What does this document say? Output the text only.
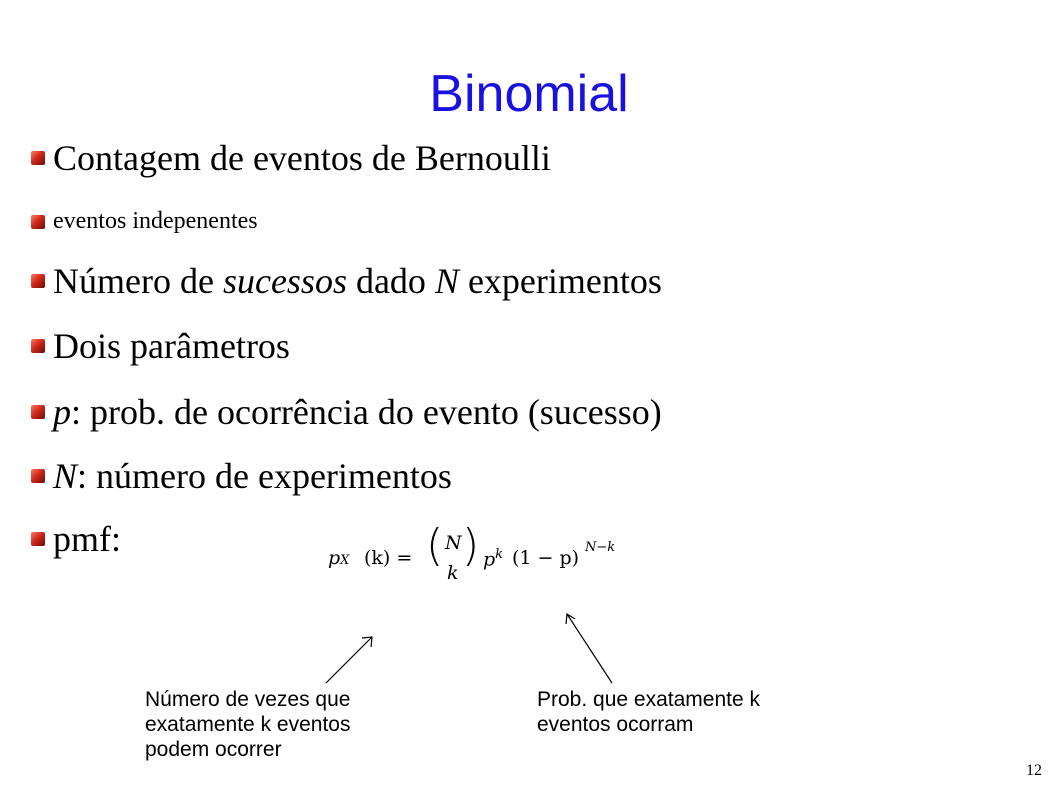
Binomial
Contagem de eventos de Bernoulli
eventos indepenentes
Número de sucessos dado N experimentos
Dois parâmetros
p: prob. de ocorrência do evento (sucesso)
N: número de experimentos
pmf:	pX (k) = ( N
k
) $p^k$ (1 − p) N−k
Número de vezes que
exatamente k eventos
podem ocorrer
Prob. que exatamente k
eventos ocorram
12
